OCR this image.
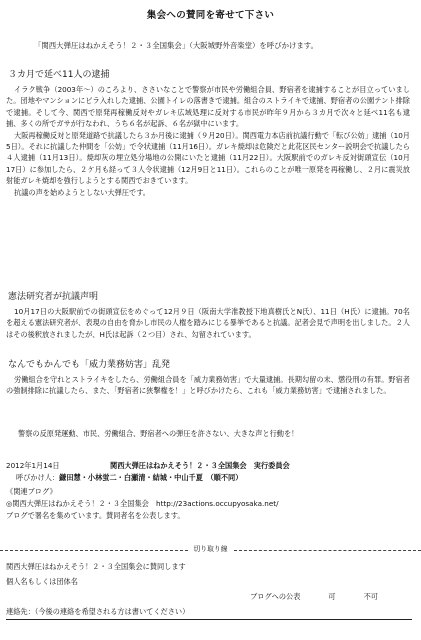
集会への賛同を寄せて下さい
「関西大弾圧はねかえそう！２・３全国集会」（大阪城野外音楽堂）を呼びかけます。
３カ月で延べ11人の逮捕

イラク戦争（2003年〜）のころより、ささいなことで警察が市民や労働組合員、野宿者を逮捕することが目立っていました。団地やマンションにビラ入れした逮捕、公園トイレの落書きで逮捕。組合のストライキで逮捕、野宿者の公園テント排除で逮捕。そして今、関西で原発再稼働反対やガレキ広域処理に反対する市民が昨年９月から３カ月で次々と延べ11名も逮捕、多くの所でガサが行なわれ、うち６名が起訴、６名が獄中にいます。

大阪再稼働反対と原発道路で抗議したら３か月後に逮捕（９月20日）。関西電力本店前抗議行動で「転び公妨」逮捕（10月5日）。それに抗議した仲間を「公妨」で令状逮捕（11月16日）。ガレキ焼却は危険だと此花区民センター説明会で抗議したら４人逮捕（11月13日）。焼却灰の埋立処分場地の公開にいたと逮捕（11月22日）。大阪駅前でのガレキ反対街頭宣伝（10月17日）に参加したら、２ケ月も経って３人令状逮捕（12月9日と11日）。これらのことが唯一原発を再稼働し、２月に震災放射能ガレキ焼却を強行しようとする関西でおきています。

抗議の声を始めようとしない大弾圧です。

憲法研究者が抗議声明

10月17日の大阪駅前での街頭宣伝をめぐって12月９日（阪南大学准教授下地真樹氏とN氏）、11日（H氏）に逮捕。70名を超える憲法研究者が、表現の自由を脅かし市民の人権を踏みにじる暴挙であると抗議。記者会見で声明を出しました。２人はその後釈放されましたが、H氏は起訴（２つ目）され、勾留されています。

なんでもかんでも「威力業務妨害」乱発

労働組合を守れとストライキをしたら、労働組合員を「威力業務妨害」で大量逮捕。長期勾留の末、懲役刑の有罪。野宿者の強制排除に抗議したら、また、「野宿者に狭撃権を！」と呼びかけたら、これも「威力業務妨害」で逮捕されました。

警察の反原発運動、市民、労働組合、野宿者への弾圧を許さない、大きな声と行動を！
2012年1月14日	関西大弾圧はねかえそう！２・３全国集会　実行委員会
呼びかけ人： 鎌田慧・小林蛍二・白瀬清・結城・中山千夏　（順不同）
《関連ブログ》
◎関西大弾圧はねかえそう！２・３全国集会　http://23actions.occupyosaka.net/
ブログで署名を集めています。賛同者名を公表します。
切り取り線
関西大弾圧はねかえそう！２・３全国集会に賛同します
個人名もしくは団体名
ブログへの公表	可	不可
連絡先：（今後の連絡を希望される方は書いてください）
